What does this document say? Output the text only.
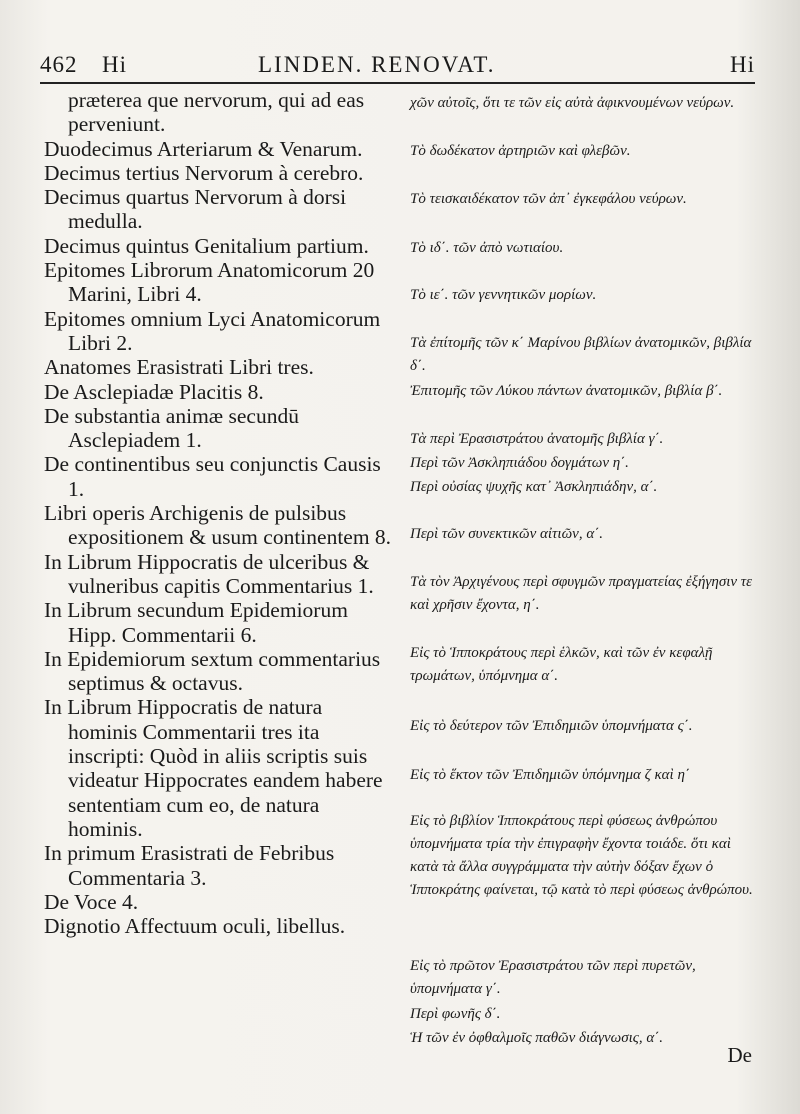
462 Hi	LINDEN. RENOVAT.	Hi

præterea que nervorum, qui ad eas perveniunt.

Duodecimus Arteriarum & Venarum.

Decimus tertius Nervorum à cerebro.

Decimus quartus Nervorum à dorsi medulla.

Decimus quintus Genitalium partium.

Epitomes Librorum Anatomicorum 20 Marini, Libri 4.

Epitomes omnium Lyci Anatomicorum Libri 2.

Anatomes Erasistrati Libri tres.

De Asclepiadæ Placitis 8.

De substantia animæ secundū Asclepiadem 1.

De continentibus seu conjunctis Causis 1.

Libri operis Archigenis de pulsibus expositionem & usum continentem 8.

In Librum Hippocratis de ulceribus & vulneribus capitis Commentarius 1.

In Librum secundum Epidemiorum Hipp. Commentarii 6.

In Epidemiorum sextum commentarius septimus & octavus.

In Librum Hippocratis de natura hominis Commentarii tres ita inscripti: Quòd in aliis scriptis suis videatur Hippocrates eandem habere sententiam cum eo, de natura hominis.

In primum Erasistrati de Febribus Commentaria 3.

De Voce 4.

Dignotio Affectuum oculi, libellus.

χῶν αὐτοῖς, ὅτι τε τῶν εἰς αὐτὰ ἀφικνουμένων νεύρων.

Τὸ δωδέκατον ἀρτηριῶν καὶ φλεβῶν.

Τὸ τεισκαιδέκατον τῶν ἀπ᾽ ἐγκεφάλου νεύρων.

Τὸ ιδ΄. τῶν ἀπὸ νωτιαίου.

Τὸ ιε΄. τῶν γεννητικῶν μορίων.

Τὰ ἐπίτομῆς τῶν κ΄ Μαρίνου βιβλίων ἀνατομικῶν, βιβλία δ΄.

Ἐπιτομῆς τῶν Λύκου πάντων ἀνατομικῶν, βιβλία β΄.

Τὰ περὶ Ἐρασιστράτου ἀνατομῆς βιβλία γ΄.

Περὶ τῶν Ἀσκληπιάδου δογμάτων η΄.

Περὶ οὐσίας ψυχῆς κατ᾽ Ἀσκληπιάδην, α΄.

Περὶ τῶν συνεκτικῶν αἰτιῶν, α΄.

Τὰ τὸν Ἀρχιγένους περὶ σφυγμῶν πραγματείας ἐξήγησιν τε καὶ χρῆσιν ἔχοντα, η΄.

Εἰς τὸ Ἱπποκράτους περὶ ἑλκῶν, καὶ τῶν ἐν κεφαλῇ τρωμάτων, ὑπόμνημα α΄.

Εἰς τὸ δεύτερον τῶν Ἐπιδημιῶν ὑπομνήματα ς΄.

Εἰς τὸ ἕκτον τῶν Ἐπιδημιῶν ὑπόμνημα ζ καὶ η΄

Εἰς τὸ βιβλίον Ἱπποκράτους περὶ φύσεως ἀνθρώπου ὑπομνήματα τρία τὴν ἐπιγραφὴν ἔχοντα τοιάδε. ὅτι καὶ κατὰ τὰ ἄλλα συγγράμματα τὴν αὐτὴν δόξαν ἔχων ὁ Ἱπποκράτης φαίνεται, τῷ κατὰ τὸ περὶ φύσεως ἀνθρώπου.

Εἰς τὸ πρῶτον Ἐρασιστράτου τῶν περὶ πυρετῶν, ὑπομνήματα γ΄.

Περὶ φωνῆς δ΄.

Ἡ τῶν ἐν ὀφθαλμοῖς παθῶν διάγνωσις, α΄.

De
